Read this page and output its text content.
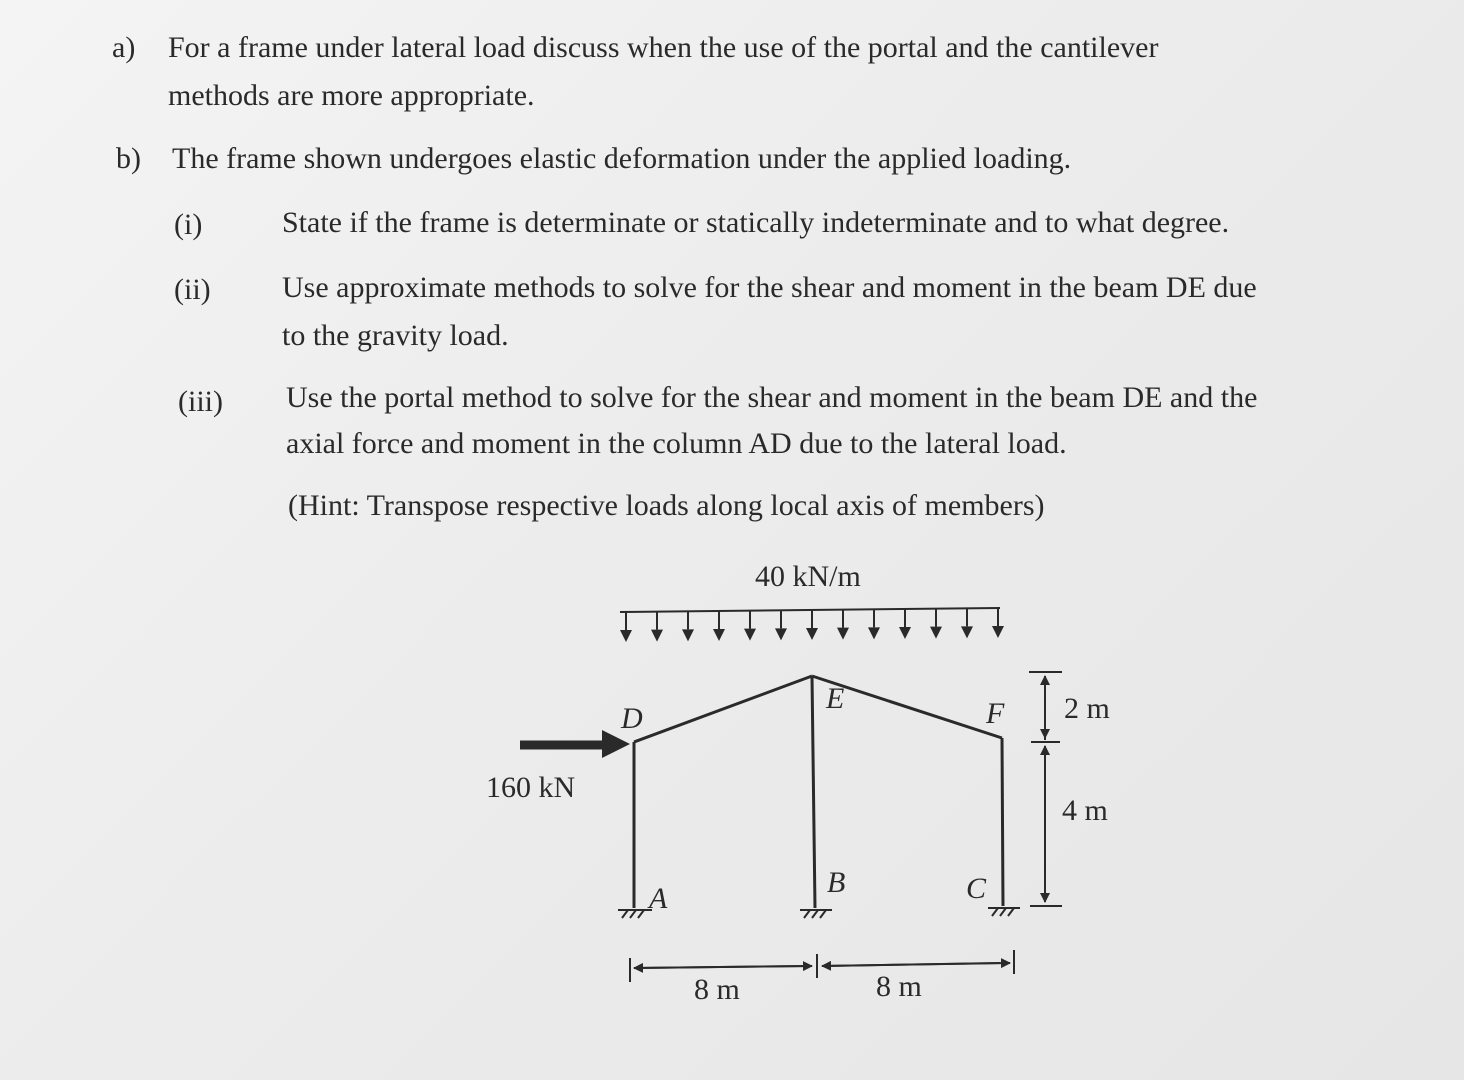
a) For a frame under lateral load discuss when the use of the portal and the cantilever
methods are more appropriate.
b) The frame shown undergoes elastic deformation under the applied loading.
(i)	State if the frame is determinate or statically indeterminate and to what degree.
(ii) Use approximate methods to solve for the shear and moment in the beam DE due
to the gravity load.
(iii) Use the portal method to solve for the shear and moment in the beam DE and the
axial force and moment in the column AD due to the lateral load.
(Hint: Transpose respective loads along local axis of members)
40 kN/m
160 kN
D
E	F
A	B	C
2 m
4 m
8 m	8 m
